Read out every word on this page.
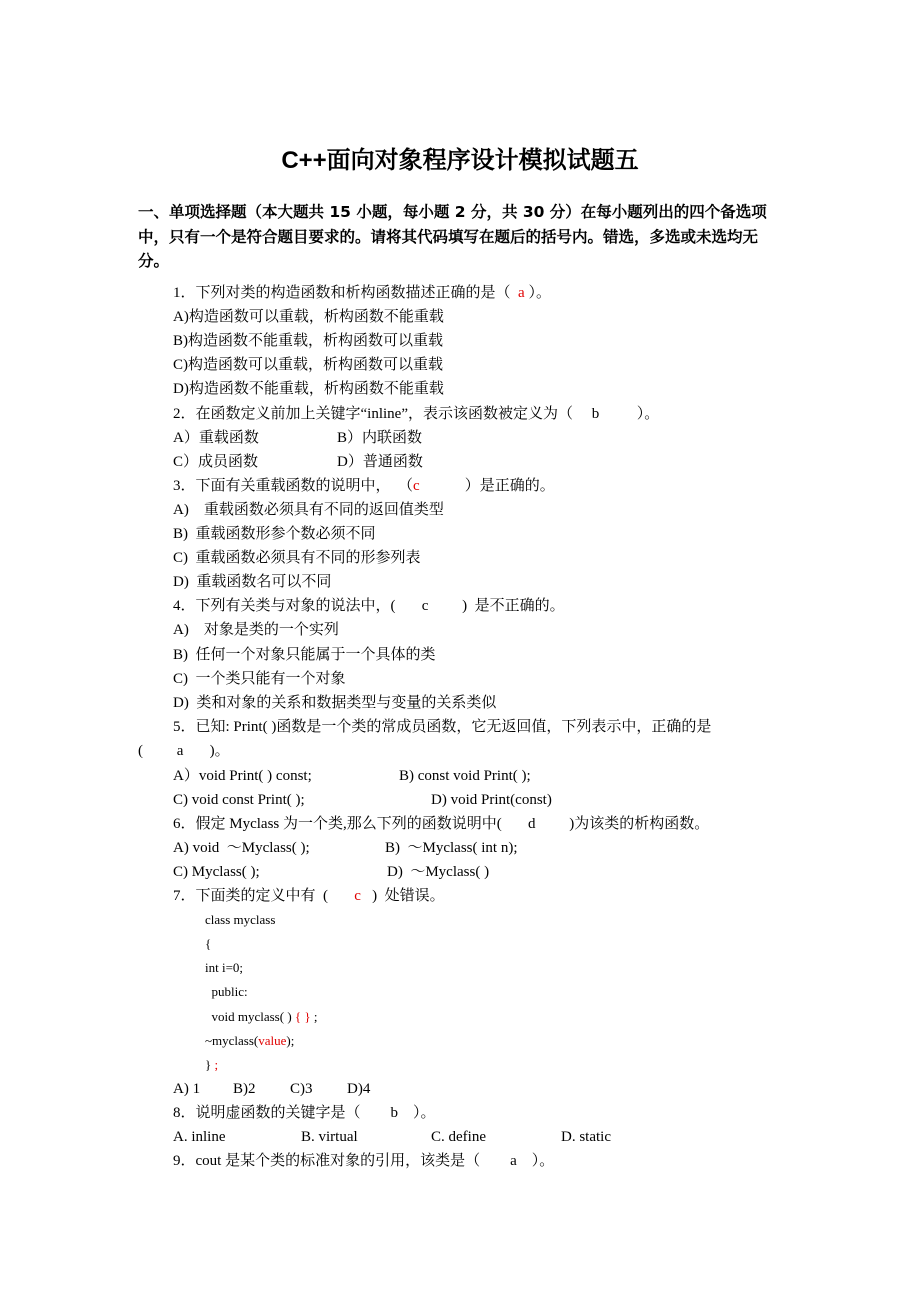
C++面向对象程序设计模拟试题五
一、单项选择题（本大题共 15 小题，每小题 2 分，共 30 分）在每小题列出的四个备选项中，只有一个是符合题目要求的。请将其代码填写在题后的括号内。错选，多选或未选均无分。
1．下列对类的构造函数和析构函数描述正确的是（  a ）。
A)构造函数可以重载，析构函数不能重载
B)构造函数不能重载，析构函数可以重载
C)构造函数可以重载，析构函数可以重载
D)构造函数不能重载，析构函数不能重载
2．在函数定义前加上关键字“inline”，表示该函数被定义为（     b          ）。
A）重载函数	B）内联函数
C）成员函数	D）普通函数
3．下面有关重载函数的说明中，  （c            ）是正确的。
A)    重载函数必须具有不同的返回值类型
B)  重载函数形参个数必须不同
C)  重载函数必须具有不同的形参列表
D)  重载函数名可以不同
4．下列有关类与对象的说法中，(       c         )  是不正确的。
A)    对象是类的一个实列
B)  任何一个对象只能属于一个具体的类
C)  一个类只能有一个对象
D)  类和对象的关系和数据类型与变量的关系类似
5．已知: Print( )函数是一个类的常成员函数，它无返回值，下列表示中，正确的是
(         a       )。
A）void Print( ) const;	B) const void Print( );
C) void const Print( );	D) void Print(const)
6．假定 Myclass 为一个类,那么下列的函数说明中(       d         )为该类的析构函数。
A) void  ～Myclass( );	B)  ～Myclass( int n);
C) Myclass( );	D)  ～Myclass( )
7．下面类的定义中有  (       c   )  处错误。
class myclass
{
int i=0;
public:
void myclass( ) { } ;
~myclass(value);
} ;
A) 1 B)2 C)3 D)4
8．说明虚函数的关键字是（        b    ）。
A. inline	B. virtual	C. define	D. static
9．cout 是某个类的标准对象的引用，该类是（        a    ）。
